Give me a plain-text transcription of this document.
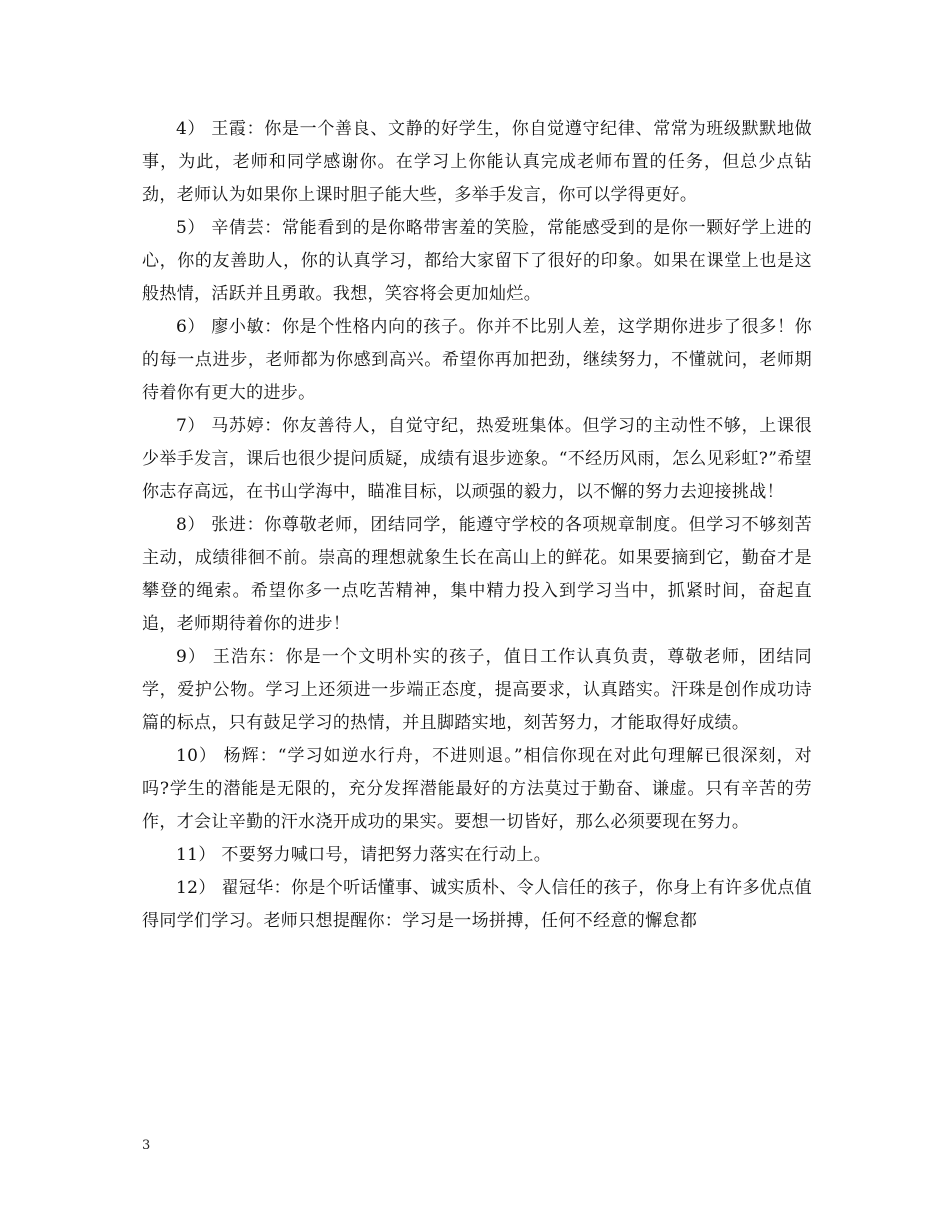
4） 王霞：你是一个善良、文静的好学生，你自觉遵守纪律、常常为班级默默地做事，为此，老师和同学感谢你。在学习上你能认真完成老师布置的任务，但总少点钻劲，老师认为如果你上课时胆子能大些，多举手发言，你可以学得更好。

5） 辛倩芸：常能看到的是你略带害羞的笑脸，常能感受到的是你一颗好学上进的心，你的友善助人，你的认真学习，都给大家留下了很好的印象。如果在课堂上也是这般热情，活跃并且勇敢。我想，笑容将会更加灿烂。

6） 廖小敏：你是个性格内向的孩子。你并不比别人差，这学期你进步了很多！你的每一点进步，老师都为你感到高兴。希望你再加把劲，继续努力，不懂就问，老师期待着你有更大的进步。

7） 马苏婷：你友善待人，自觉守纪，热爱班集体。但学习的主动性不够，上课很少举手发言，课后也很少提问质疑，成绩有退步迹象。“不经历风雨，怎么见彩虹?”希望你志存高远，在书山学海中，瞄准目标，以顽强的毅力，以不懈的努力去迎接挑战！

8） 张进：你尊敬老师，团结同学，能遵守学校的各项规章制度。但学习不够刻苦主动，成绩徘徊不前。崇高的理想就象生长在高山上的鲜花。如果要摘到它，勤奋才是攀登的绳索。希望你多一点吃苦精神，集中精力投入到学习当中，抓紧时间，奋起直追，老师期待着你的进步！

9） 王浩东：你是一个文明朴实的孩子，值日工作认真负责，尊敬老师，团结同学，爱护公物。学习上还须进一步端正态度，提高要求，认真踏实。汗珠是创作成功诗篇的标点，只有鼓足学习的热情，并且脚踏实地，刻苦努力，才能取得好成绩。

10） 杨辉：“学习如逆水行舟，不进则退。”相信你现在对此句理解已很深刻，对吗?学生的潜能是无限的，充分发挥潜能最好的方法莫过于勤奋、谦虚。只有辛苦的劳作，才会让辛勤的汗水浇开成功的果实。要想一切皆好，那么必须要现在努力。

11） 不要努力喊口号，请把努力落实在行动上。

12） 翟冠华：你是个听话懂事、诚实质朴、令人信任的孩子，你身上有许多优点值得同学们学习。老师只想提醒你：学习是一场拼搏，任何不经意的懈怠都

3
